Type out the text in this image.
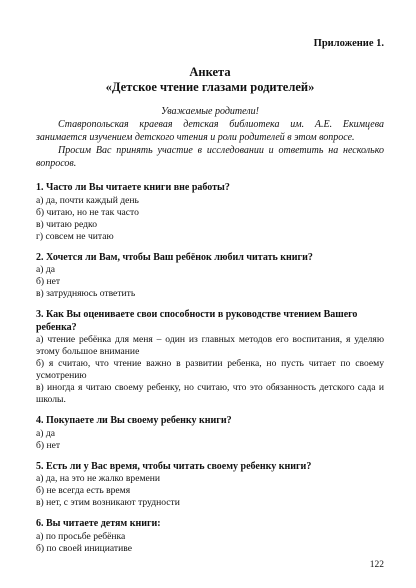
Приложение 1.

Анкета

«Детское чтение глазами родителей»

Уважаемые родители!

Ставропольская краевая детская библиотека им. А.Е. Екимцева занимается изучением детского чтения и роли родителей в этом вопросе.

Просим Вас принять участие в исследовании и ответить на несколько вопросов.

1. Часто ли Вы читаете книги вне работы?

а) да, почти каждый день

б) читаю, но не так часто

в) читаю редко

г) совсем не читаю

2. Хочется ли Вам, чтобы Ваш ребёнок любил читать книги?

а) да

б) нет

в) затрудняюсь ответить

3. Как Вы оцениваете свои способности в руководстве чтением Вашего ребенка?

а) чтение ребёнка для меня – один из главных методов его воспитания, я уделяю этому большое внимание

б) я считаю, что чтение важно в развитии ребенка, но пусть читает по своему усмотрению

в) иногда я читаю своему ребенку, но считаю, что это обязанность детского сада и школы.

4. Покупаете ли Вы своему ребенку книги?

а) да

б) нет

5. Есть ли у Вас время, чтобы читать своему ребенку книги?

а) да, на это не жалко времени

б) не всегда есть время

в) нет, с этим возникают трудности

6. Вы читаете детям книги:

а) по просьбе ребёнка

б) по своей инициативе

122
